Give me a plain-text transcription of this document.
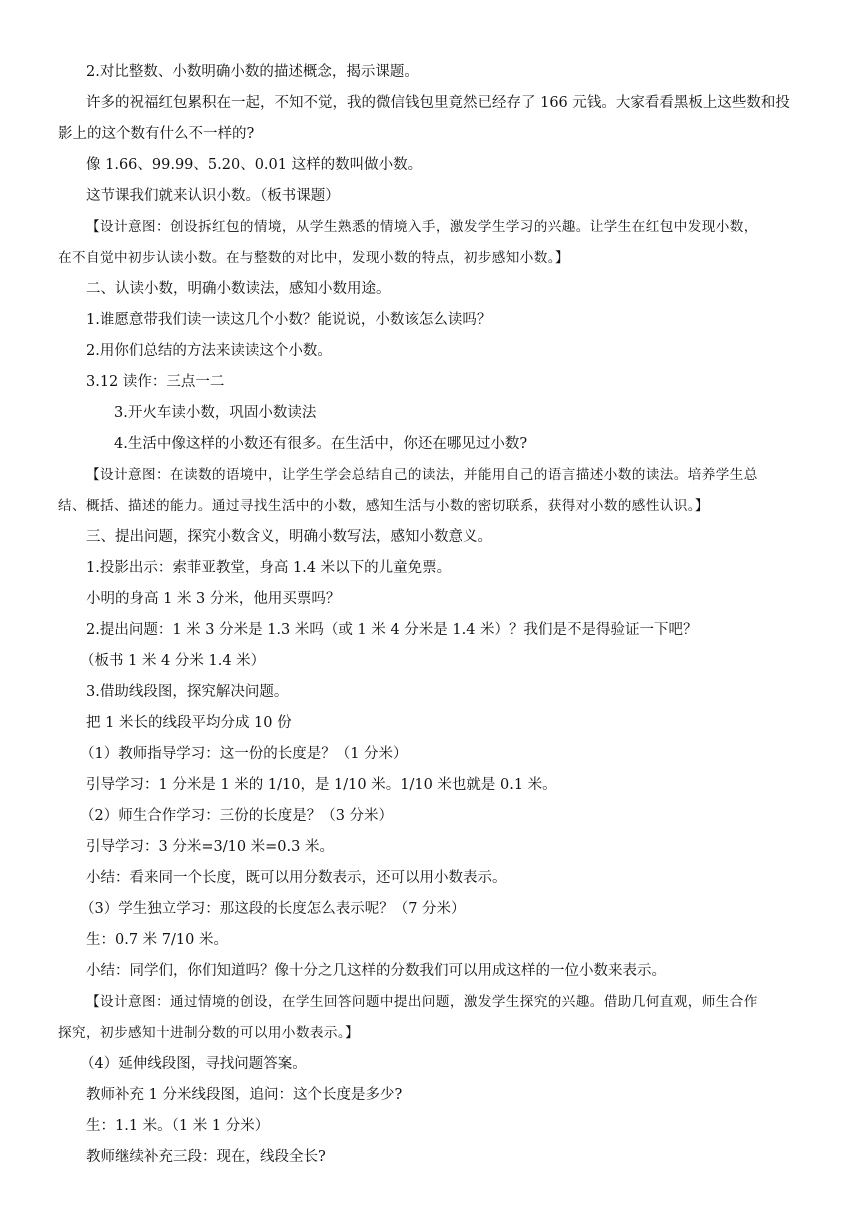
2.对比整数、小数明确小数的描述概念，揭示课题。
许多的祝福红包累积在一起，不知不觉，我的微信钱包里竟然已经存了 166 元钱。大家看看黑板上这些数和投
影上的这个数有什么不一样的?
像 1.66、99.99、5.20、0.01 这样的数叫做小数。
这节课我们就来认识小数。（板书课题）
【设计意图：创设拆红包的情境，从学生熟悉的情境入手，激发学生学习的兴趣。让学生在红包中发现小数，
在不自觉中初步认读小数。在与整数的对比中，发现小数的特点，初步感知小数。】
二、认读小数，明确小数读法，感知小数用途。
1.谁愿意带我们读一读这几个小数？能说说，小数该怎么读吗？
2.用你们总结的方法来读读这个小数。
3.12 读作：三点一二
3.开火车读小数，巩固小数读法
4.生活中像这样的小数还有很多。在生活中，你还在哪见过小数?
【设计意图：在读数的语境中，让学生学会总结自己的读法，并能用自己的语言描述小数的读法。培养学生总
结、概括、描述的能力。通过寻找生活中的小数，感知生活与小数的密切联系，获得对小数的感性认识。】
三、提出问题，探究小数含义，明确小数写法，感知小数意义。
1.投影出示：索菲亚教堂，身高 1.4 米以下的儿童免票。
小明的身高 1 米 3 分米，他用买票吗？
2.提出问题：1 米 3 分米是 1.3 米吗（或 1 米 4 分米是 1.4 米）？我们是不是得验证一下吧？
（板书 1 米 4 分米 1.4 米）
3.借助线段图，探究解决问题。
把 1 米长的线段平均分成 10 份
（1）教师指导学习：这一份的长度是？（1 分米）
引导学习：1 分米是 1 米的 1/10，是 1/10 米。1/10 米也就是 0.1 米。
（2）师生合作学习：三份的长度是？（3 分米）
引导学习：3 分米=3/10 米=0.3 米。
小结：看来同一个长度，既可以用分数表示，还可以用小数表示。
（3）学生独立学习：那这段的长度怎么表示呢？（7 分米）
生：0.7 米 7/10 米。
小结：同学们，你们知道吗？像十分之几这样的分数我们可以用成这样的一位小数来表示。
【设计意图：通过情境的创设，在学生回答问题中提出问题，激发学生探究的兴趣。借助几何直观，师生合作
探究，初步感知十进制分数的可以用小数表示。】
（4）延伸线段图，寻找问题答案。
教师补充 1 分米线段图，追问：这个长度是多少?
生：1.1 米。（1 米 1 分米）
教师继续补充三段：现在，线段全长?
